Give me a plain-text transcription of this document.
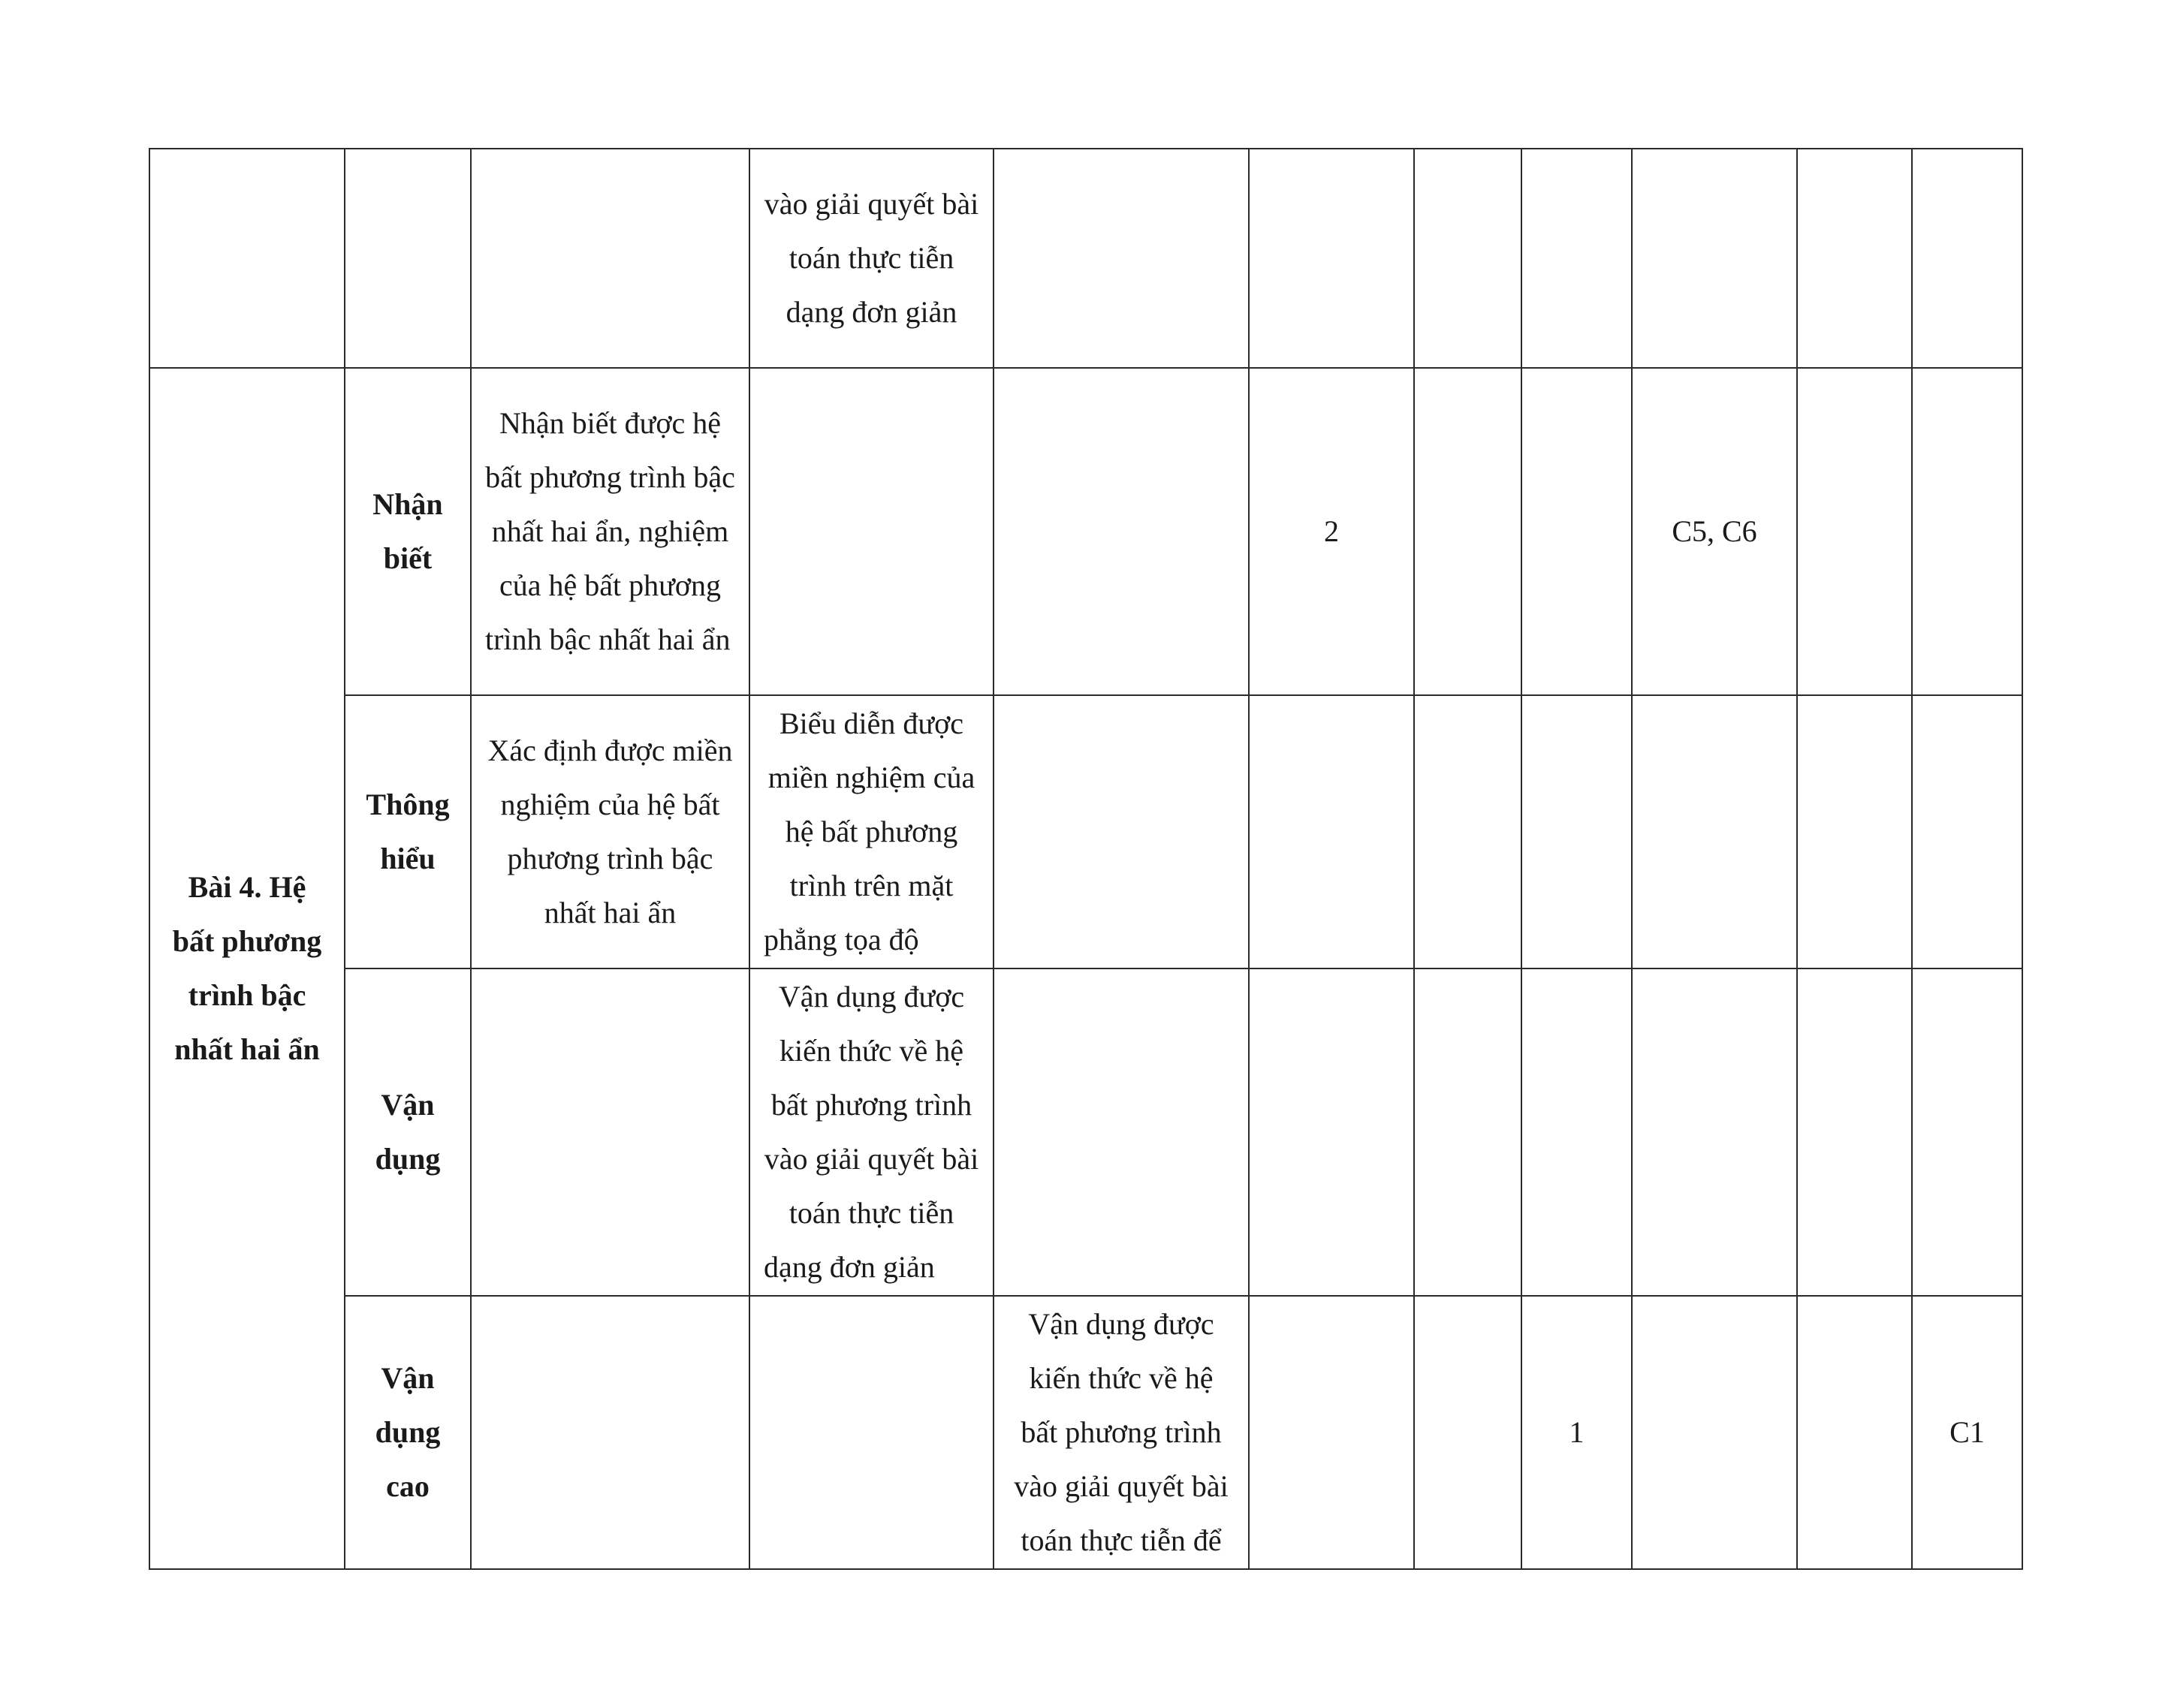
			vào giải quyết bài toán thực tiễn dạng đơn giản							
Bài 4. Hệ bất phương trình bậc nhất hai ẩn	Nhận biết	Nhận biết được hệ bất phương trình bậc nhất hai ẩn, nghiệm của hệ bất phương trình bậc nhất hai ẩn			2			C5, C6		
	Thông hiểu	Xác định được miền nghiệm của hệ bất phương trình bậc nhất hai ẩn	Biểu diễn được miền nghiệm của hệ bất phương trình trên mặt phẳng tọa độ							
	Vận dụng		Vận dụng được kiến thức về hệ bất phương trình vào giải quyết bài toán thực tiễn dạng đơn giản							
	Vận dụng cao			Vận dụng được kiến thức về hệ bất phương trình vào giải quyết bài toán thực tiễn để			1			C1
